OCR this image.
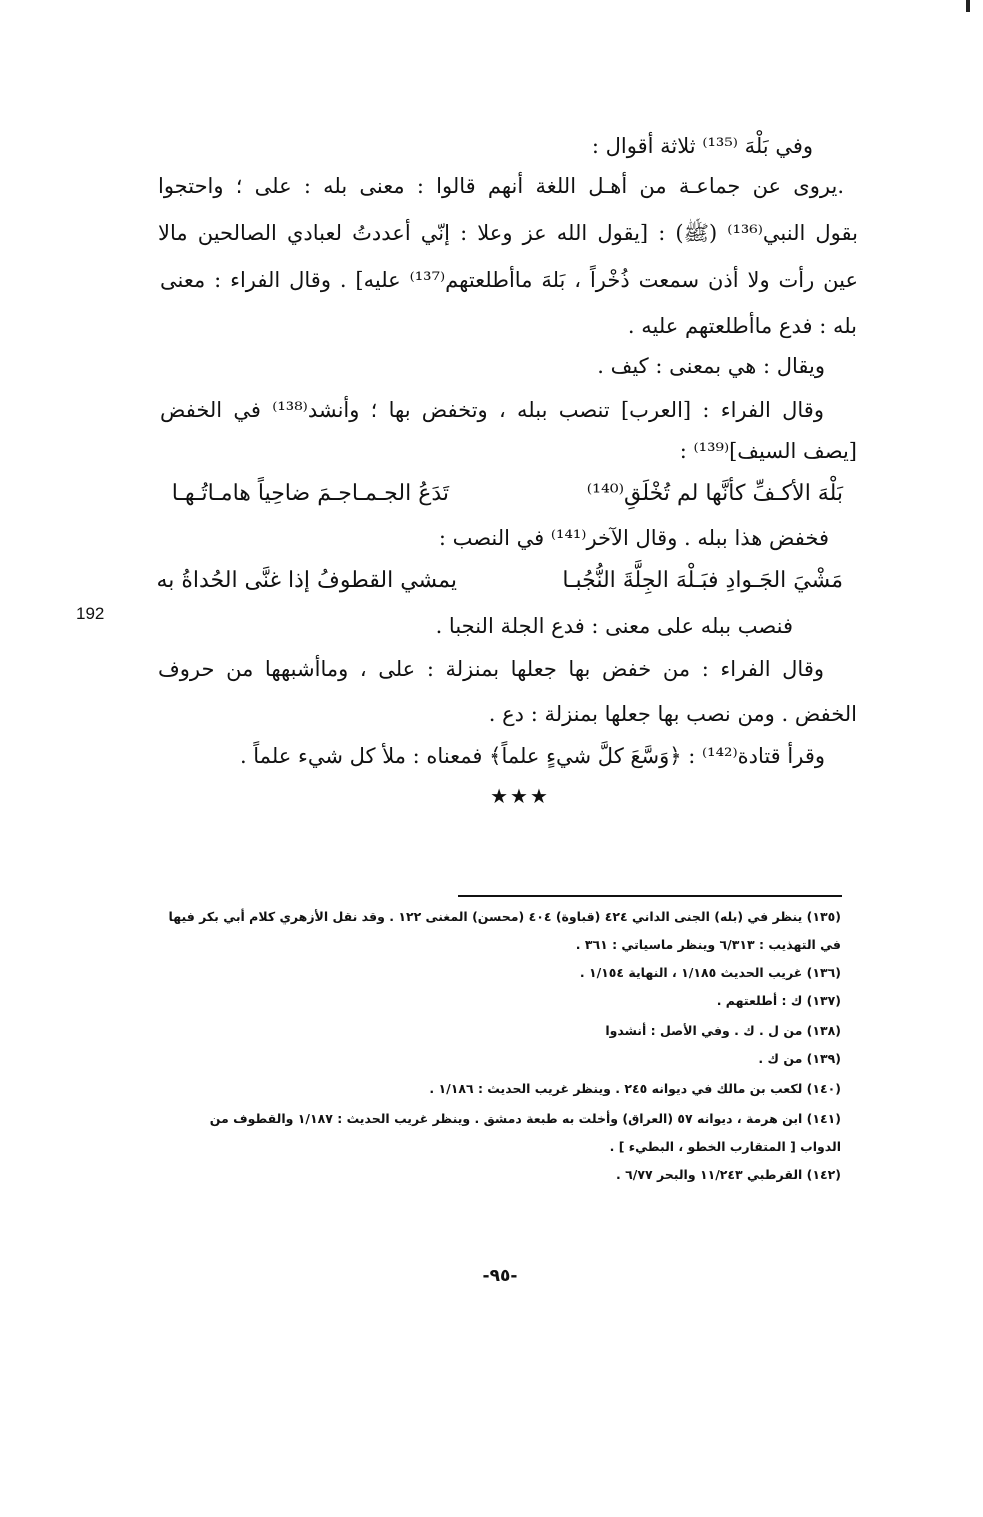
192
وفي بَلْهَ ⁽¹³⁵⁾ ثلاثة أقوال :
.يروى عن جماعـة من أهـل اللغة أنهم قالوا : معنى بله : على ؛ واحتجوا
بقول النبي⁽¹³⁶⁾ (ﷺ) : [يقول الله عز وعلا : إنّي أعددتُ لعبادي الصالحين مالا
عين رأت ولا أذن سمعت ذُخْراً ، بَلهَ ماأطلعتهم⁽¹³⁷⁾ عليه] . وقال الفراء : معنى
بله : فدع ماأطلعتهم عليه .
ويقال : هي بمعنى : كيف .
وقال الفراء : [العرب] تنصب ببله ، وتخفض بها ؛ وأنشد⁽¹³⁸⁾ في الخفض
[يصف السيف]⁽¹³⁹⁾ :
تَدَعُ الجـمـاجـمَ ضاحِياً هامـاتُـهـا	بَلْهَ الأكـفِّ كأنَّها لم تُخْلَقِ⁽¹⁴⁰⁾
فخفض هذا ببله . وقال الآخر⁽¹⁴¹⁾ في النصب :
يمشي القطوفُ إذا غنَّى الحُداةُ به	مَشْيَ الجَـوادِ فبَـلْهَ الجِلَّةَ النُّجُبـا
فنصب ببله على معنى : فدع الجلة النجبا .
وقال الفراء : من خفض بها جعلها بمنزلة : على ، وماأشبهها من حروف
الخفض . ومن نصب بها جعلها بمنزلة : دع .
وقرأ قتادة⁽¹⁴²⁾ : ﴿وَسَّعَ كلَّ شيءٍ علماً﴾ فمعناه : ملأ كل شيء علماً .
★★★
(١٣٥) ينظر في (بله) الجنى الداني ٤٢٤ (قباوة) ٤٠٤ (محسن) المغنى ١٢٢ . وقد نقل الأزهري كلام أبي بكر فيها
في التهذيب : ٦/٣١٣ وينظر ماسياتي : ٣٦١ .
(١٣٦) غريب الحديث ١/١٨٥ ، النهاية ١/١٥٤ .
(١٣٧) ك : أطلعتهم .
(١٣٨) من ل . ك . وفي الأصل : أنشدوا
(١٣٩) من ك .
(١٤٠) لكعب بن مالك في ديوانه ٢٤٥ . وينظر غريب الحديث : ١/١٨٦ .
(١٤١) ابن هرمة ، ديوانه ٥٧ (العراق) وأخلت به طبعة دمشق . وينظر غريب الحديث : ١/١٨٧ والقطوف من
الدواب [ المتقارب الخطو ، البطيء ] .
(١٤٢) القرطبي ١١/٢٤٣ والبحر ٦/٧٧ .
-٩٥-
